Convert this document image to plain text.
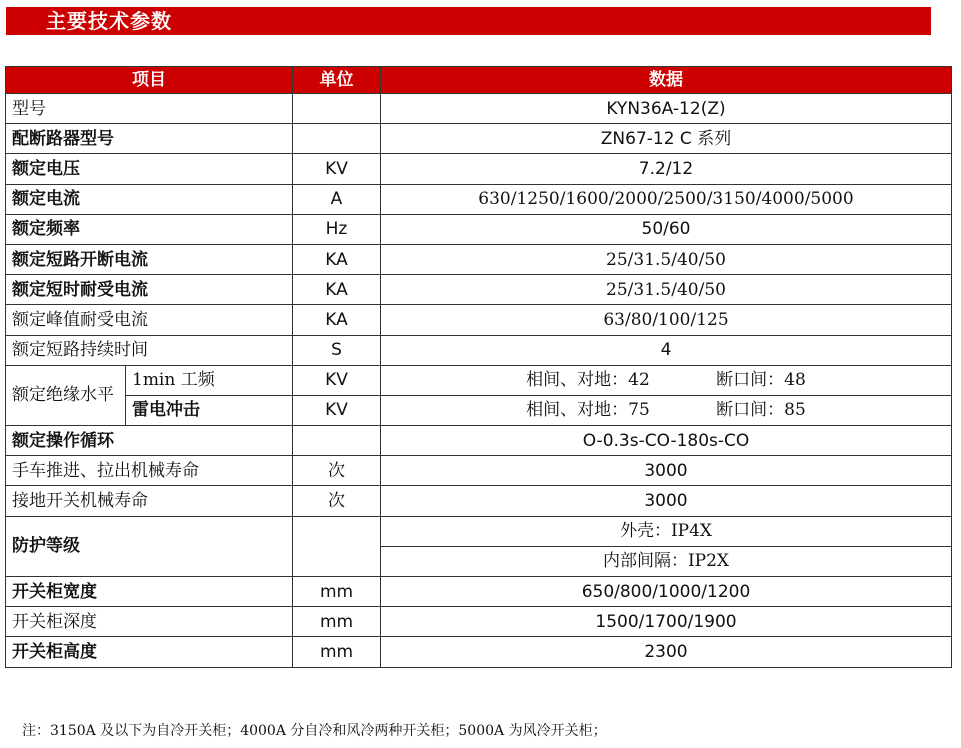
主要技术参数
项目		单位	数据
型号			KYN36A-12(Z)
配断路器型号			ZN67-12 C 系列
额定电压		KV	7.2/12
额定电流		A	630/1250/1600/2000/2500/3150/4000/5000
额定频率		Hz	50/60
额定短路开断电流		KA	25/31.5/40/50
额定短时耐受电流		KA	25/31.5/40/50
额定峰值耐受电流		KA	63/80/100/125
额定短路持续时间		S	4
额定绝缘水平	1min 工频	KV	相间、对地：42 断口间：48
	雷电冲击	KV	相间、对地：75 断口间：85
额定操作循环			O-0.3s-CO-180s-CO
手车推进、拉出机械寿命		次	3000
接地开关机械寿命		次	3000
防护等级			外壳：IP4X
			内部间隔：IP2X
开关柜宽度		mm	650/800/1000/1200
开关柜深度		mm	1500/1700/1900
开关柜高度		mm	2300
注：3150A 及以下为自冷开关柜；4000A 分自冷和风冷两种开关柜；5000A 为风冷开关柜；
